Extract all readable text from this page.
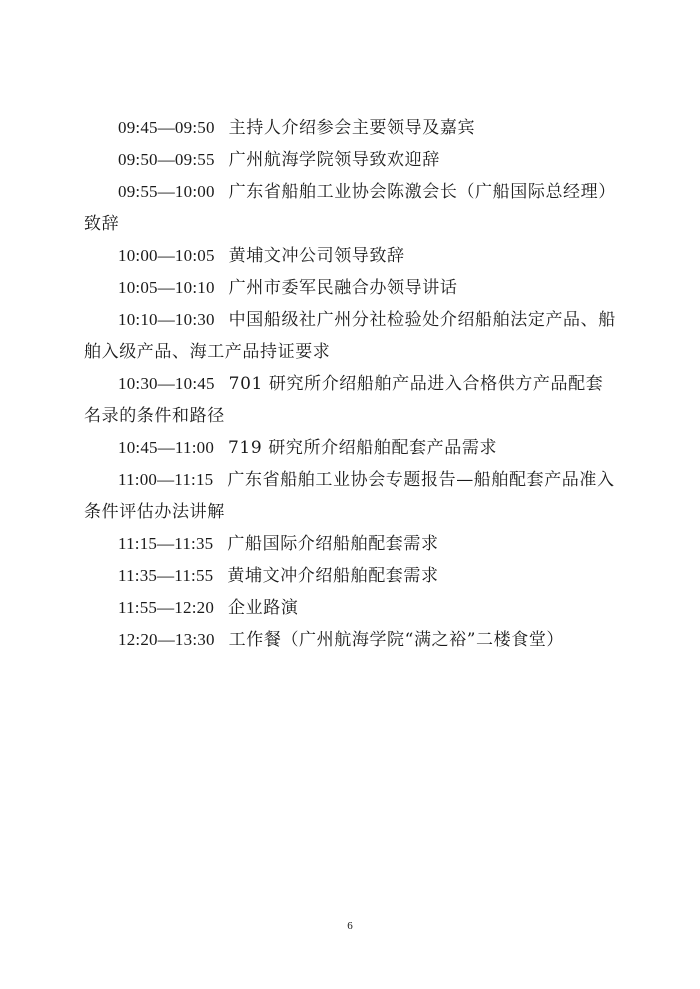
09:45—09:50 主持人介绍参会主要领导及嘉宾

09:50—09:55 广州航海学院领导致欢迎辞

09:55—10:00 广东省船舶工业协会陈激会长（广船国际总经理）致辞

10:00—10:05 黄埔文冲公司领导致辞

10:05—10:10 广州市委军民融合办领导讲话

10:10—10:30 中国船级社广州分社检验处介绍船舶法定产品、船舶入级产品、海工产品持证要求

10:30—10:45 701 研究所介绍船舶产品进入合格供方产品配套名录的条件和路径

10:45—11:00 719 研究所介绍船舶配套产品需求

11:00—11:15 广东省船舶工业协会专题报告—船舶配套产品准入条件评估办法讲解

11:15—11:35 广船国际介绍船舶配套需求

11:35—11:55 黄埔文冲介绍船舶配套需求

11:55—12:20 企业路演

12:20—13:30 工作餐（广州航海学院“满之裕”二楼食堂）

6
